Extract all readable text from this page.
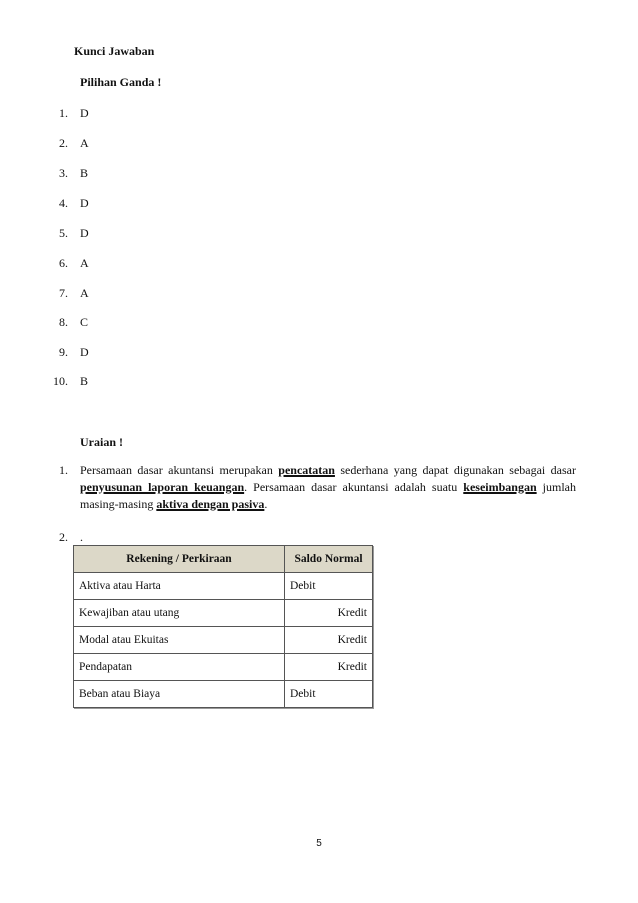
Kunci Jawaban
Pilihan Ganda !
1. D
2. A
3. B
4. D
5. D
6. A
7. A
8. C
9. D
10. B
Uraian !
1. Persamaan dasar akuntansi merupakan pencatatan sederhana yang dapat digunakan sebagai dasar penyusunan laporan keuangan. Persamaan dasar akuntansi adalah suatu keseimbangan jumlah masing-masing aktiva dengan pasiva.
2. .
Rekening / Perkiraan	Saldo Normal
Aktiva atau Harta	Debit
Kewajiban atau utang	Kredit
Modal atau Ekuitas	Kredit
Pendapatan	Kredit
Beban atau Biaya	Debit
5
